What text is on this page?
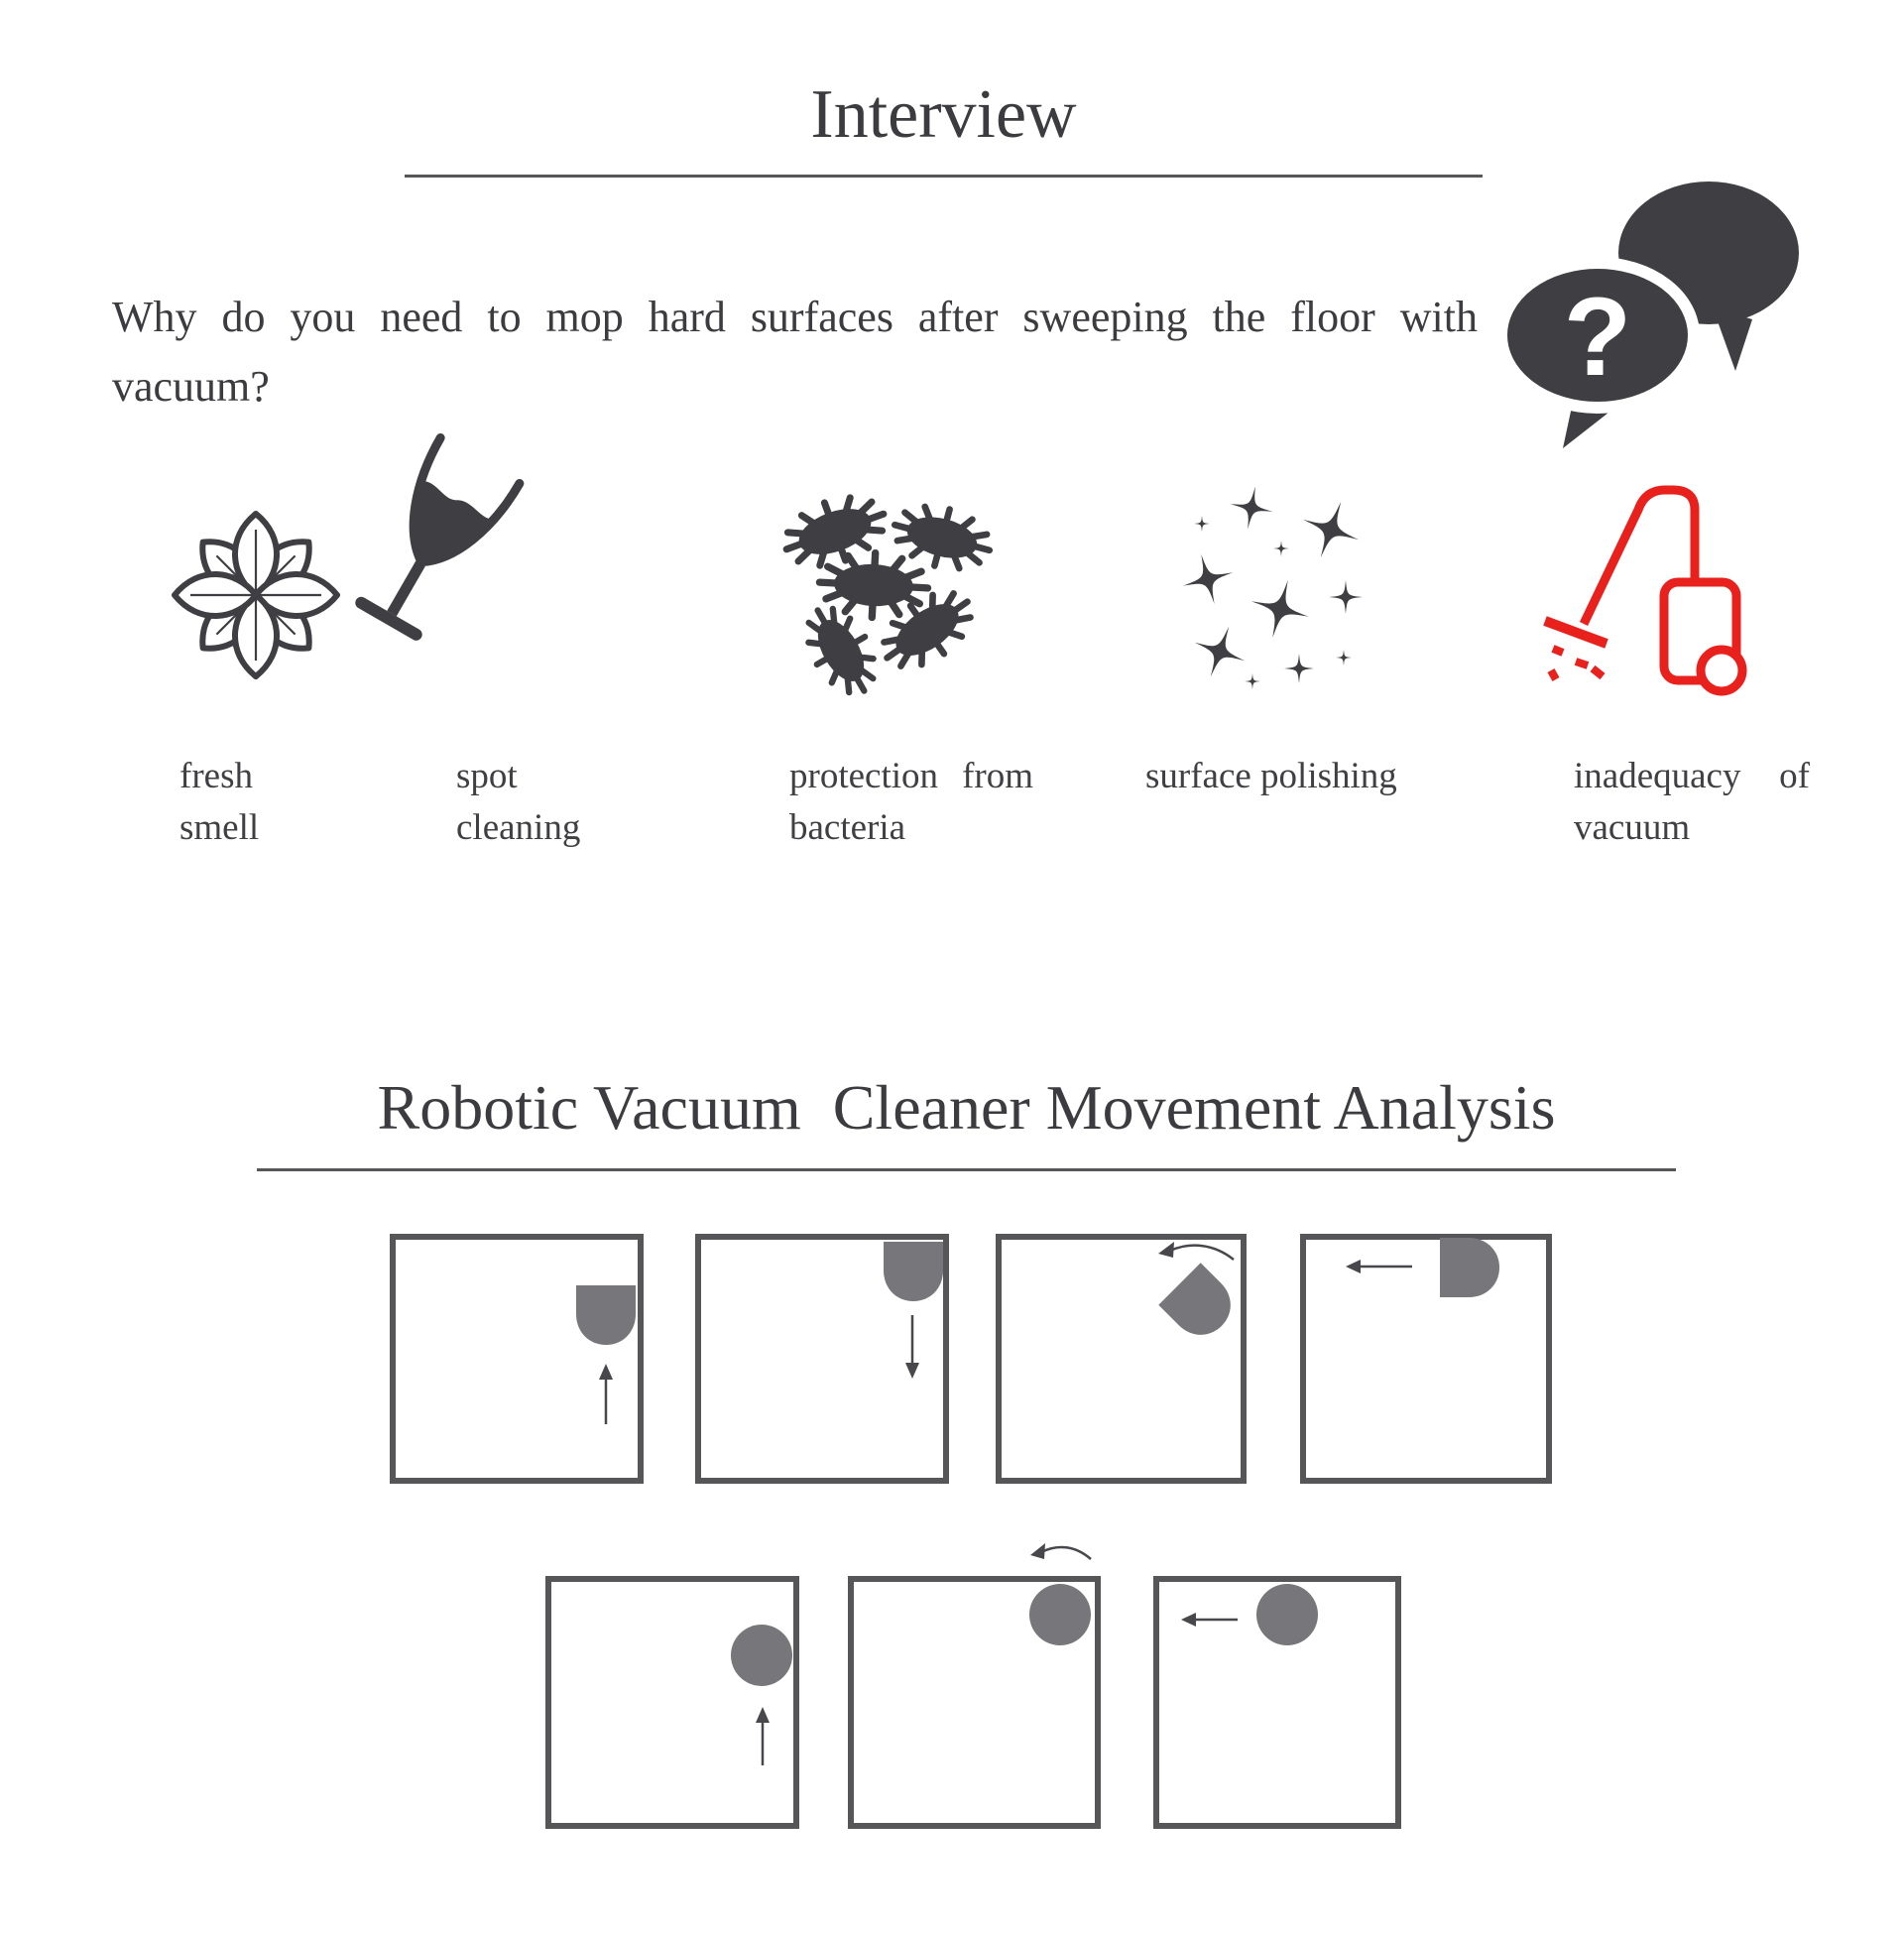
Interview
Why do you need to mop hard surfaces after sweeping the floor with
vacuum?	?
fresh smell
spot cleaning
protection from bacteria
surface polishing	inadequacy of vacuum
Robotic Vacuum  Cleaner Movement Analysis
